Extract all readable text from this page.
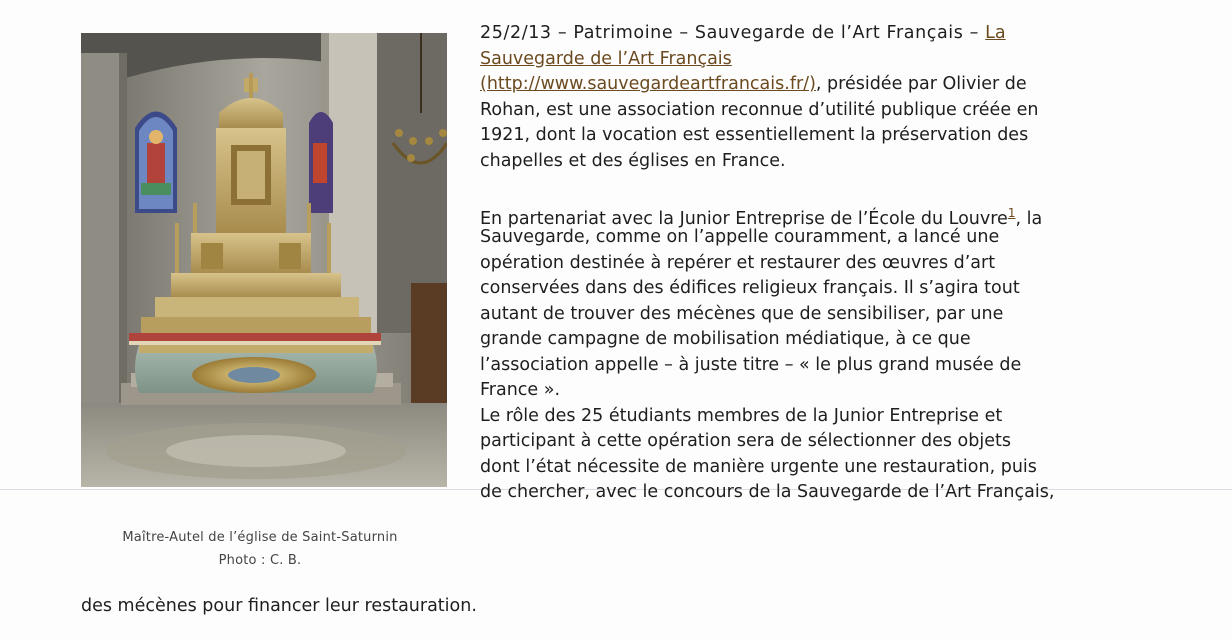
Maître-Autel de l’église de Saint-Saturnin
Photo : C. B.
25/2/13 – Patrimoine – Sauvegarde de l’Art Français – La
Sauvegarde de l’Art Français
(http://www.sauvegardeartfrancais.fr/), présidée par Olivier de
Rohan, est une association reconnue d’utilité publique créée en
1921, dont la vocation est essentiellement la préservation des
chapelles et des églises en France.
En partenariat avec la Junior Entreprise de l’École du Louvre$^1$, la
Sauvegarde, comme on l’appelle couramment, a lancé une
opération destinée à repérer et restaurer des œuvres d’art
conservées dans des édifices religieux français. Il s’agira tout
autant de trouver des mécènes que de sensibiliser, par une
grande campagne de mobilisation médiatique, à ce que
l’association appelle – à juste titre – « le plus grand musée de
France ».
Le rôle des 25 étudiants membres de la Junior Entreprise et
participant à cette opération sera de sélectionner des objets
dont l’état nécessite de manière urgente une restauration, puis
de chercher, avec le concours de la Sauvegarde de l’Art Français,
des mécènes pour financer leur restauration.
